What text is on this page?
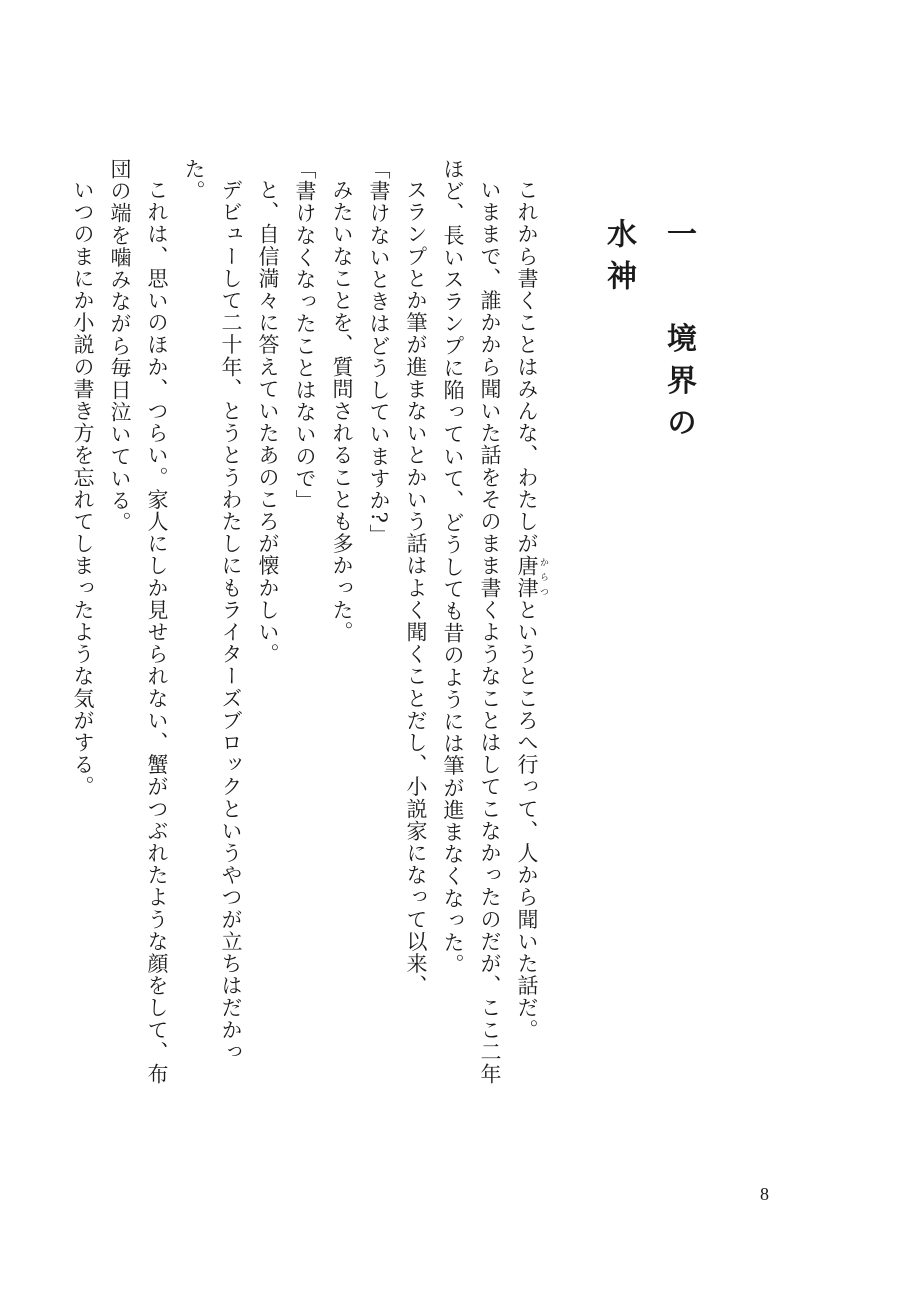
一 境界の水神

これから書くことはみんな、わたしが唐津 からつというところへ行って、人から聞いた話だ。

いままで、誰かから聞いた話をそのまま書くようなことはしてこなかったのだが、ここ二年ほど、長いスランプに陥っていて、どうしても昔のようには筆が進まなくなった。

スランプとか筆が進まないとかいう話はよく聞くことだし、小説家になって以来、

「書けないときはどうしていますか?」

みたいなことを、質問されることも多かった。

「書けなくなったことはないので」

と、自信満々に答えていたあのころが懐かしい。

デビューして二十年、とうとうわたしにもライターズブロックというやつが立ちはだかった。

これは、思いのほか、つらい。家人にしか見せられない、蟹がつぶれたような顔をして、布団の端を噛みながら毎日泣いている。

いつのまにか小説の書き方を忘れてしまったような気がする。

8
